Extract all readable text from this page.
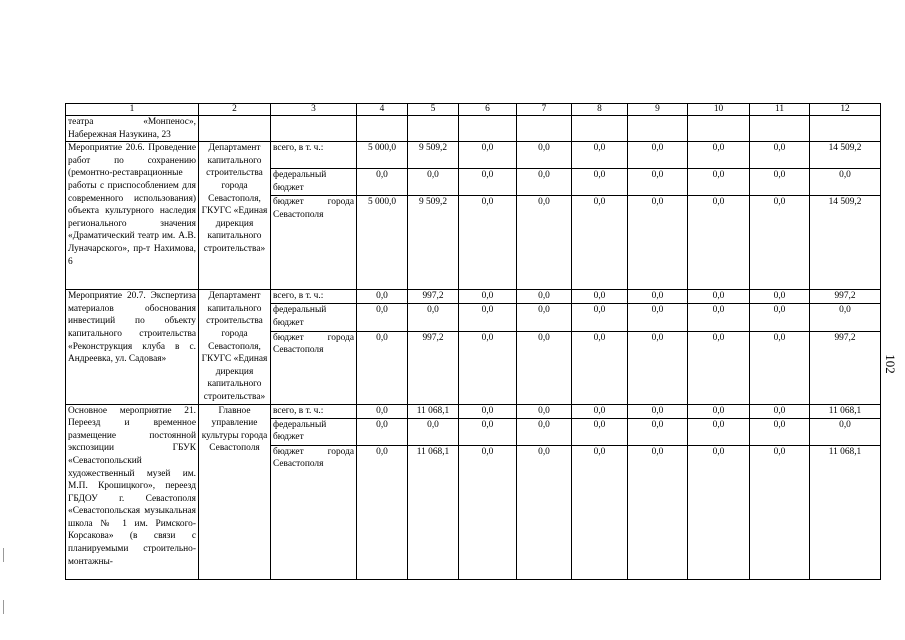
1	2	3	4	5	6	7	8	9	10	11	12
театра «Монпенос», Набережная Назукина, 23											
Мероприятие 20.6. Проведение работ по сохранению (ремонтно-реставрационные работы с приспособлением для современного использования) объекта культурного наследия регионального значения «Драматический театр им. А.В. Луначарского», пр-т Нахимова, 6	Департамент капитального строительства города Севастополя, ГКУГС «Единая дирекция капитального строительства»	всего, в т. ч.:	5 000,0	9 509,2	0,0	0,0	0,0	0,0	0,0	0,0	14 509,2
		федеральный бюджет	0,0	0,0	0,0	0,0	0,0	0,0	0,0	0,0	0,0
		бюджет города Севастополя	5 000,0	9 509,2	0,0	0,0	0,0	0,0	0,0	0,0	14 509,2
Мероприятие 20.7. Экспертиза материалов обоснования инвестиций по объекту капитального строительства «Реконструкция клуба в с. Андреевка, ул. Садовая»	Департамент капитального строительства города Севастополя, ГКУГС «Единая дирекция капитального строительства»	всего, в т. ч.:	0,0	997,2	0,0	0,0	0,0	0,0	0,0	0,0	997,2
		федеральный бюджет	0,0	0,0	0,0	0,0	0,0	0,0	0,0	0,0	0,0
		бюджет города Севастополя	0,0	997,2	0,0	0,0	0,0	0,0	0,0	0,0	997,2
Основное мероприятие 21. Переезд и временное размещение постоянной экспозиции ГБУК «Севастопольский художественный музей им. М.П. Крошицкого», переезд ГБДОУ г. Севастополя «Севастопольская музыкальная школа № 1 им. Римского-Корсакова» (в связи с планируемыми строительно-монтажны-	Главное управление культуры города Севастополя	всего, в т. ч.:	0,0	11 068,1	0,0	0,0	0,0	0,0	0,0	0,0	11 068,1
		федеральный бюджет	0,0	0,0	0,0	0,0	0,0	0,0	0,0	0,0	0,0
		бюджет города Севастополя	0,0	11 068,1	0,0	0,0	0,0	0,0	0,0	0,0	11 068,1
102
